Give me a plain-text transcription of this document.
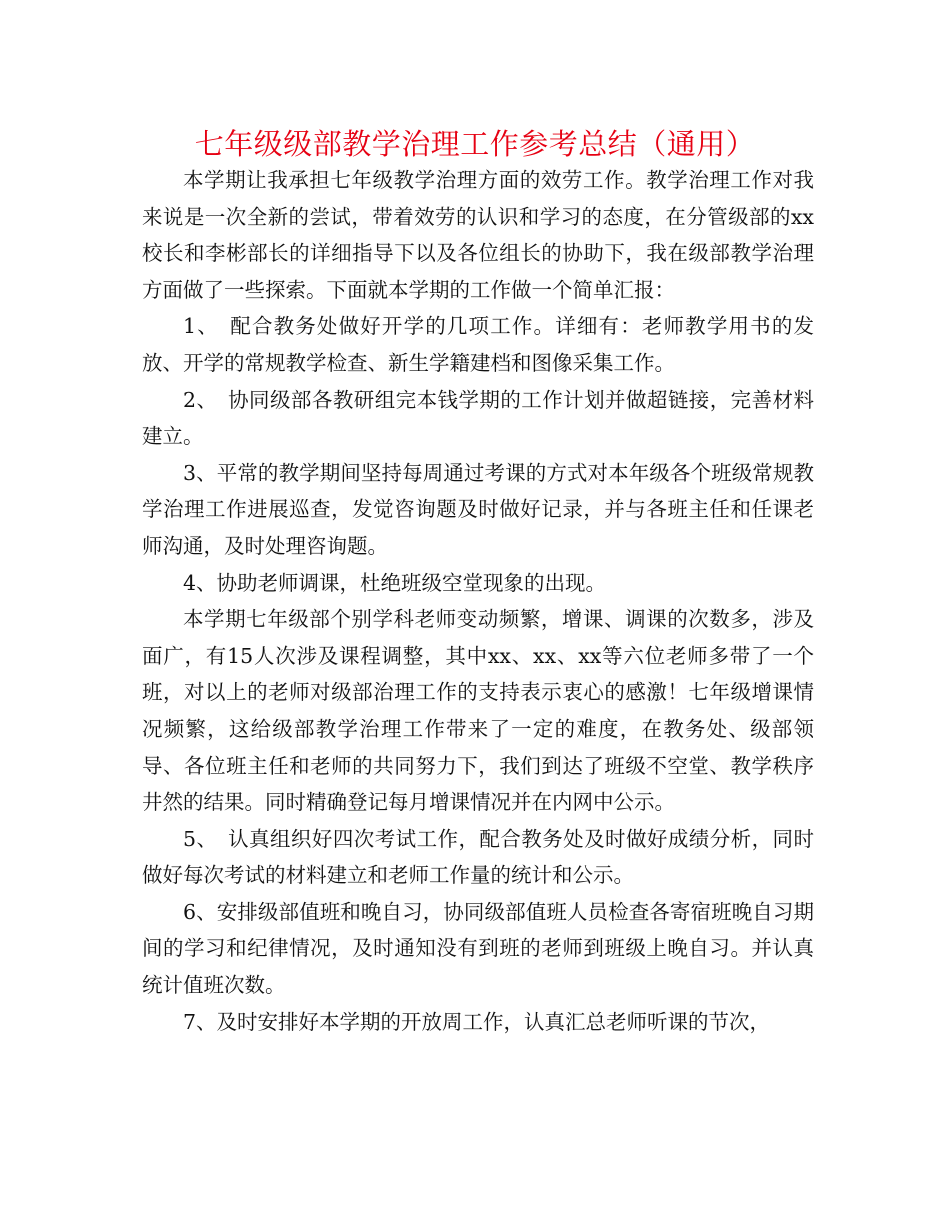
七年级级部教学治理工作参考总结（通用）

本学期让我承担七年级教学治理方面的效劳工作。教学治理工作对我来说是一次全新的尝试，带着效劳的认识和学习的态度，在分管级部的xx校长和李彬部长的详细指导下以及各位组长的协助下，我在级部教学治理方面做了一些探索。下面就本学期的工作做一个简单汇报：

1、　配合教务处做好开学的几项工作。详细有：老师教学用书的发放、开学的常规教学检查、新生学籍建档和图像采集工作。

2、　协同级部各教研组完本钱学期的工作计划并做超链接，完善材料建立。

3、平常的教学期间坚持每周通过考课的方式对本年级各个班级常规教学治理工作进展巡查，发觉咨询题及时做好记录，并与各班主任和任课老师沟通，及时处理咨询题。

4、协助老师调课，杜绝班级空堂现象的出现。

本学期七年级部个别学科老师变动频繁，增课、调课的次数多，涉及面广，有15人次涉及课程调整，其中xx、xx、xx等六位老师多带了一个班，对以上的老师对级部治理工作的支持表示衷心的感激！七年级增课情况频繁，这给级部教学治理工作带来了一定的难度，在教务处、级部领导、各位班主任和老师的共同努力下，我们到达了班级不空堂、教学秩序井然的结果。同时精确登记每月增课情况并在内网中公示。

5、　认真组织好四次考试工作，配合教务处及时做好成绩分析，同时做好每次考试的材料建立和老师工作量的统计和公示。

6、安排级部值班和晚自习，协同级部值班人员检查各寄宿班晚自习期间的学习和纪律情况，及时通知没有到班的老师到班级上晚自习。并认真统计值班次数。

7、及时安排好本学期的开放周工作，认真汇总老师听课的节次，
